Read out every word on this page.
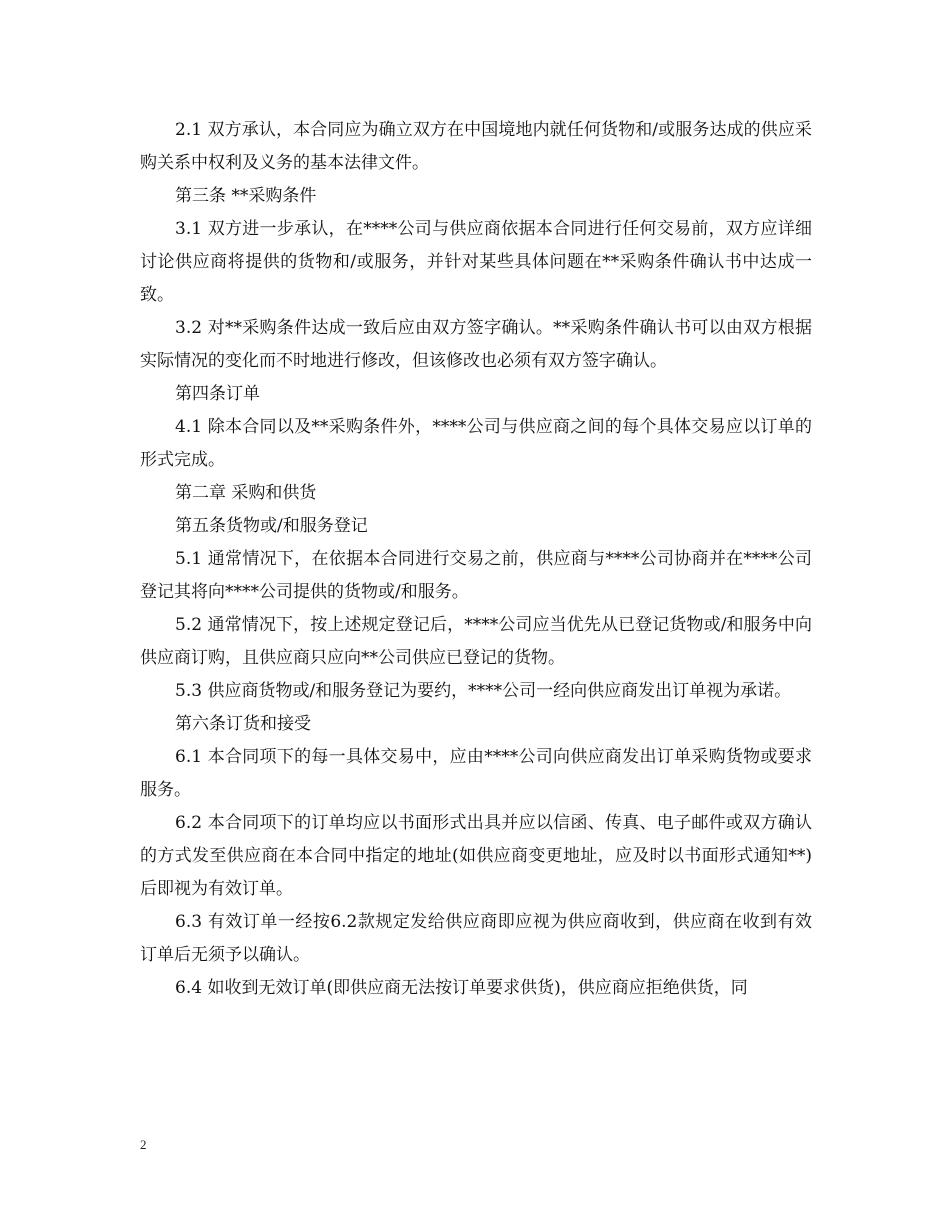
2.1 双方承认，本合同应为确立双方在中国境地内就任何货物和/或服务达成的供应采购关系中权利及义务的基本法律文件。

第三条 **采购条件

3.1 双方进一步承认，在****公司与供应商依据本合同进行任何交易前，双方应详细讨论供应商将提供的货物和/或服务，并针对某些具体问题在**采购条件确认书中达成一致。

3.2 对**采购条件达成一致后应由双方签字确认。**采购条件确认书可以由双方根据实际情况的变化而不时地进行修改，但该修改也必须有双方签字确认。

第四条订单

4.1 除本合同以及**采购条件外，****公司与供应商之间的每个具体交易应以订单的形式完成。

第二章 采购和供货

第五条货物或/和服务登记

5.1 通常情况下，在依据本合同进行交易之前，供应商与****公司协商并在****公司登记其将向****公司提供的货物或/和服务。

5.2 通常情况下，按上述规定登记后，****公司应当优先从已登记货物或/和服务中向供应商订购，且供应商只应向**公司供应已登记的货物。

5.3 供应商货物或/和服务登记为要约，****公司一经向供应商发出订单视为承诺。

第六条订货和接受

6.1 本合同项下的每一具体交易中，应由****公司向供应商发出订单采购货物或要求服务。

6.2 本合同项下的订单均应以书面形式出具并应以信函、传真、电子邮件或双方确认的方式发至供应商在本合同中指定的地址(如供应商变更地址，应及时以书面形式通知**)后即视为有效订单。

6.3 有效订单一经按6.2款规定发给供应商即应视为供应商收到，供应商在收到有效订单后无须予以确认。

6.4 如收到无效订单(即供应商无法按订单要求供货)，供应商应拒绝供货，同

2
